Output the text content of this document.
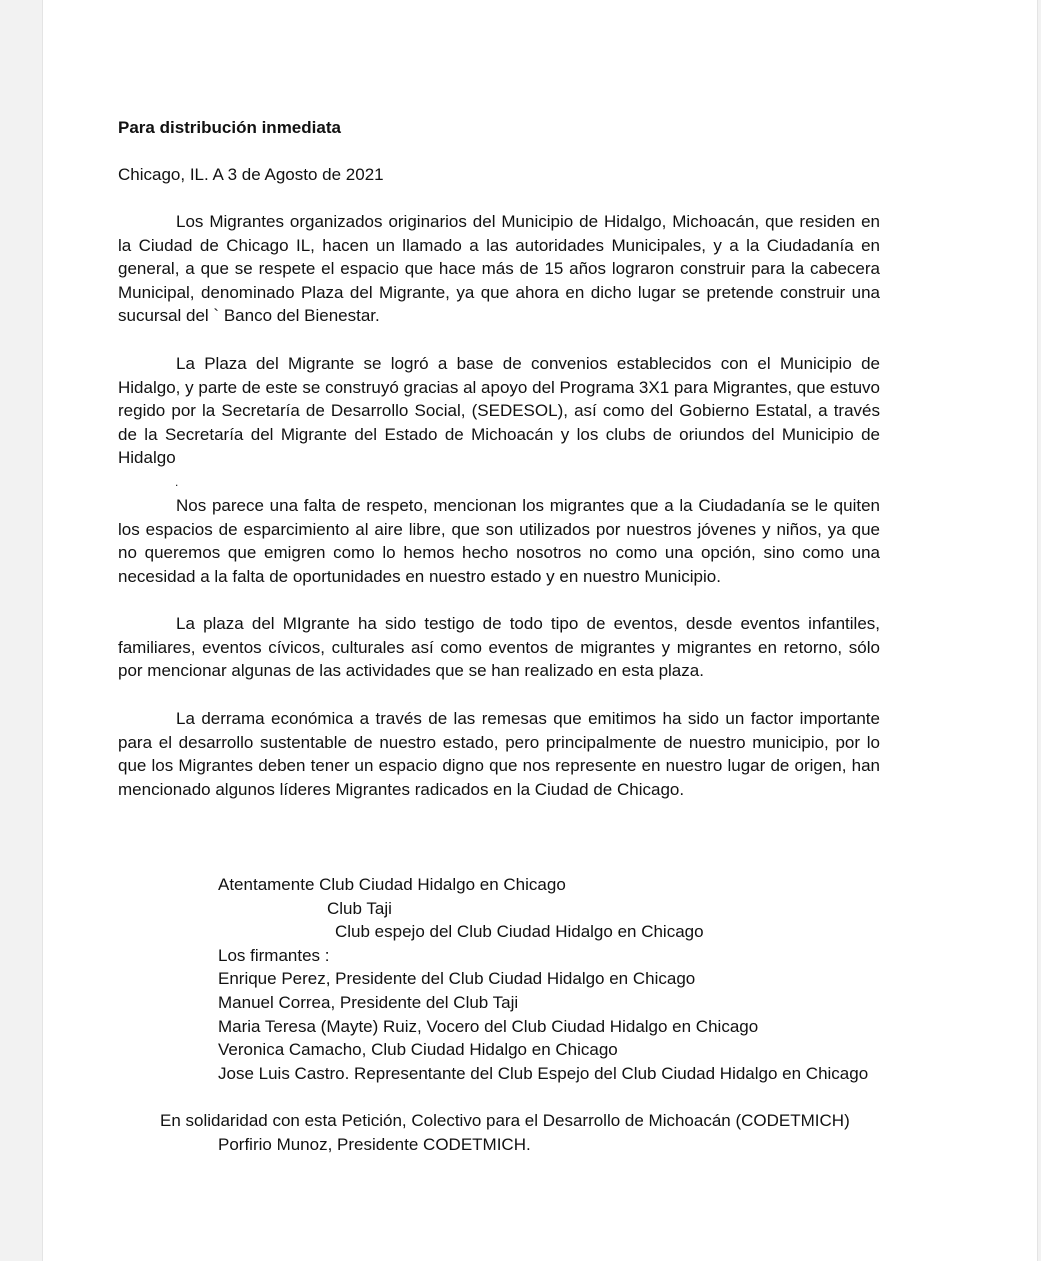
Para distribución inmediata

Chicago, IL. A 3 de Agosto de 2021

Los Migrantes organizados originarios del Municipio de Hidalgo, Michoacán, que residen en la Ciudad de Chicago IL, hacen un llamado a las autoridades Municipales, y a la Ciudadanía en general, a que se respete el espacio que hace más de 15 años lograron construir para la cabecera Municipal, denominado Plaza del Migrante, ya que ahora en dicho lugar se pretende construir una sucursal del ` Banco del Bienestar.

La Plaza del Migrante se logró a base de convenios establecidos con el Municipio de Hidalgo, y parte de este se construyó gracias al apoyo del Programa 3X1 para Migrantes, que estuvo regido por la Secretaría de Desarrollo Social, (SEDESOL), así como del Gobierno Estatal, a través de la Secretaría del Migrante del Estado de Michoacán y los clubs de oriundos del Municipio de Hidalgo

.

Nos parece una falta de respeto, mencionan los migrantes que a la Ciudadanía se le quiten los espacios de esparcimiento al aire libre, que son utilizados por nuestros jóvenes y niños, ya que no queremos que emigren como lo hemos hecho nosotros no como una opción, sino como una necesidad a la falta de oportunidades en nuestro estado y en nuestro Municipio.

La plaza del MIgrante ha sido testigo de todo tipo de eventos, desde eventos infantiles, familiares, eventos cívicos, culturales así como eventos de migrantes y migrantes en retorno, sólo por mencionar algunas de las actividades que se han realizado en esta plaza.

La derrama económica a través de las remesas que emitimos ha sido un factor importante para el desarrollo sustentable de nuestro estado, pero principalmente de nuestro municipio, por lo que los Migrantes deben tener un espacio digno que nos represente en nuestro lugar de origen, han mencionado algunos líderes Migrantes radicados en la Ciudad de Chicago.

Atentamente Club Ciudad Hidalgo en Chicago

Club Taji

Club espejo del Club Ciudad Hidalgo en Chicago

Los firmantes :

Enrique Perez, Presidente del Club Ciudad Hidalgo en Chicago

Manuel Correa, Presidente del Club Taji

Maria Teresa (Mayte) Ruiz, Vocero del Club Ciudad Hidalgo en Chicago

Veronica Camacho, Club Ciudad Hidalgo en Chicago

Jose Luis Castro. Representante del Club Espejo del Club Ciudad Hidalgo en Chicago

En solidaridad con esta Petición, Colectivo para el Desarrollo de Michoacán (CODETMICH)

Porfirio Munoz, Presidente CODETMICH.
